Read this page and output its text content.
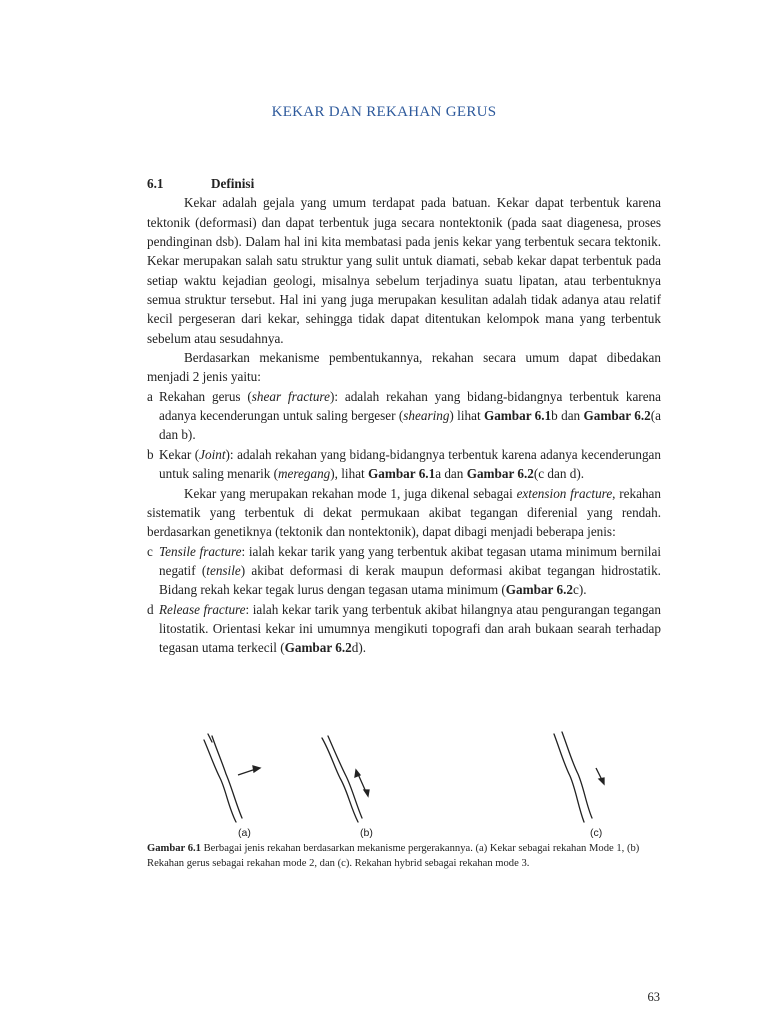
KEKAR DAN REKAHAN GERUS
6.1	Definisi

Kekar adalah gejala yang umum terdapat pada batuan. Kekar dapat terbentuk karena tektonik (deformasi) dan dapat terbentuk juga secara nontektonik (pada saat diagenesa, proses pendinginan dsb). Dalam hal ini kita membatasi pada jenis kekar yang terbentuk secara tektonik. Kekar merupakan salah satu struktur yang sulit untuk diamati, sebab kekar dapat terbentuk pada setiap waktu kejadian geologi, misalnya sebelum terjadinya suatu lipatan, atau terbentuknya semua struktur tersebut. Hal ini yang juga merupakan kesulitan adalah tidak adanya atau relatif kecil pergeseran dari kekar, sehingga tidak dapat ditentukan kelompok mana yang terbentuk sebelum atau sesudahnya.

Berdasarkan mekanisme pembentukannya, rekahan secara umum dapat dibedakan menjadi 2 jenis yaitu:

a Rekahan gerus (shear fracture): adalah rekahan yang bidang-bidangnya terbentuk karena adanya kecenderungan untuk saling bergeser (shearing) lihat Gambar 6.1b dan Gambar 6.2(a dan b).
b Kekar (Joint): adalah rekahan yang bidang-bidangnya terbentuk karena adanya kecenderungan untuk saling menarik (meregang), lihat Gambar 6.1a dan Gambar 6.2(c dan d).

Kekar yang merupakan rekahan mode 1, juga dikenal sebagai extension fracture, rekahan sistematik yang terbentuk di dekat permukaan akibat tegangan diferenial yang rendah. berdasarkan genetiknya (tektonik dan nontektonik), dapat dibagi menjadi beberapa jenis:

c Tensile fracture: ialah kekar tarik yang yang terbentuk akibat tegasan utama minimum bernilai negatif (tensile) akibat deformasi di kerak maupun deformasi akibat tegangan hidrostatik. Bidang rekah kekar tegak lurus dengan tegasan utama minimum (Gambar 6.2c).
d Release fracture: ialah kekar tarik yang terbentuk akibat hilangnya atau pengurangan tegangan litostatik. Orientasi kekar ini umumnya mengikuti topografi dan arah bukaan searah terhadap tegasan utama terkecil (Gambar 6.2d).
(a)	(b)	(c)
Gambar 6.1 Berbagai jenis rekahan berdasarkan mekanisme pergerakannya. (a) Kekar sebagai rekahan Mode 1, (b) Rekahan gerus sebagai rekahan mode 2, dan (c). Rekahan hybrid sebagai rekahan mode 3.
63
